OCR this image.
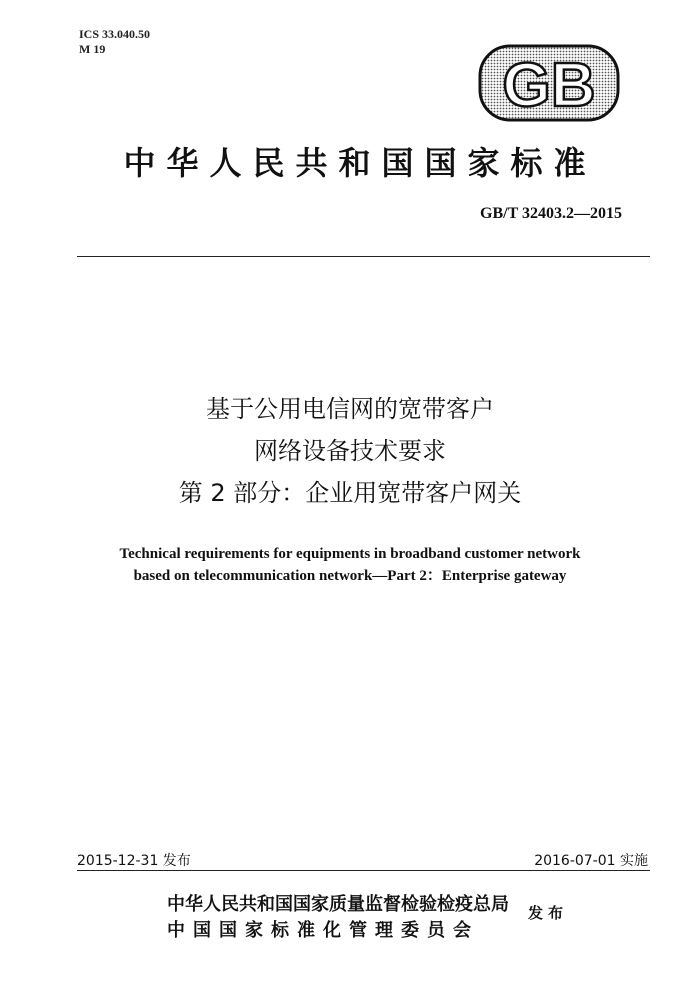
ICS 33.040.50
M 19
GB
中华人民共和国国家标准
GB/T 32403.2—2015
基于公用电信网的宽带客户
网络设备技术要求
第 2 部分：企业用宽带客户网关
Technical requirements for equipments in broadband customer network
based on telecommunication network—Part 2：Enterprise gateway
2015-12-31 发布	2016-07-01 实施
中华人民共和国国家质量监督检验检疫总局
中国国家标准化管理委员会
发布
